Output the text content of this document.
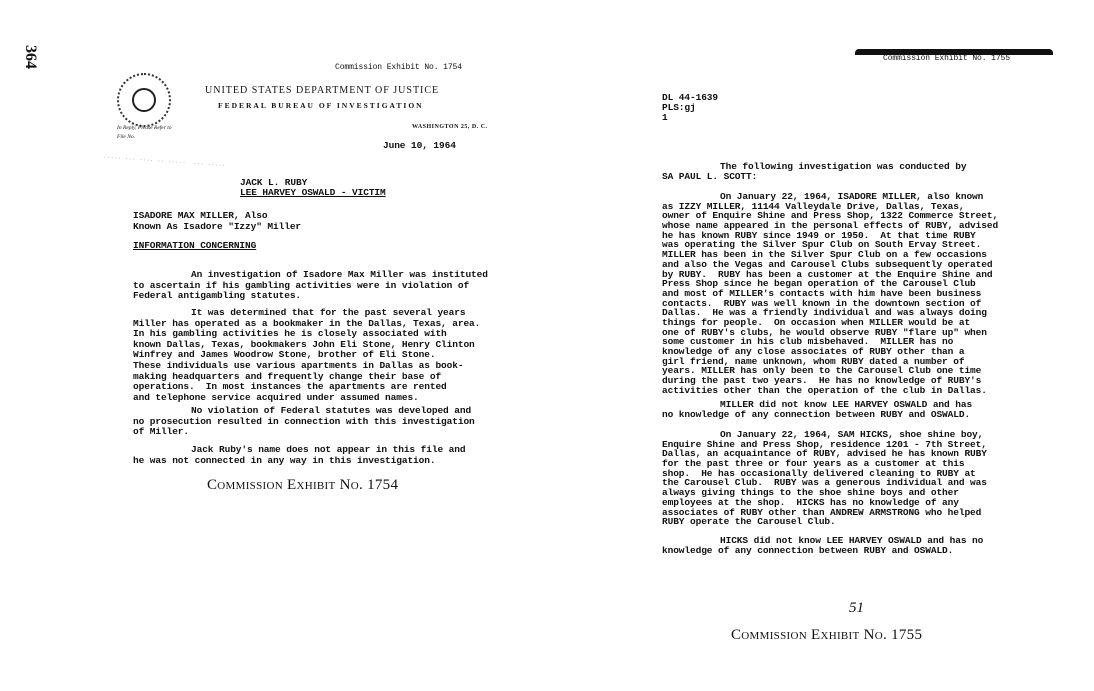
364	Commission Exhibit No. 1754
UNITED STATES DEPARTMENT OF JUSTICE
FEDERAL BUREAU OF INVESTIGATION
In Reply, Please Refer to
File No.
WASHINGTON 25, D. C.
June 10, 1964
····· ··· ···· ·· ·····  ··· ·····
JACK L. RUBY
LEE HARVEY OSWALD - VICTIM
ISADORE MAX MILLER, Also
Known As Isadore "Izzy" Miller
INFORMATION CONCERNING
An investigation of Isadore Max Miller was instituted
to ascertain if his gambling activities were in violation of
Federal antigambling statutes.
It was determined that for the past several years
Miller has operated as a bookmaker in the Dallas, Texas, area.
In his gambling activities he is closely associated with
known Dallas, Texas, bookmakers John Eli Stone, Henry Clinton
Winfrey and James Woodrow Stone, brother of Eli Stone.
These individuals use various apartments in Dallas as book-
making headquarters and frequently change their base of
operations.  In most instances the apartments are rented
and telephone service acquired under assumed names.
No violation of Federal statutes was developed and
no prosecution resulted in connection with this investigation
of Miller.
Jack Ruby's name does not appear in this file and
he was not connected in any way in this investigation.
Commission Exhibit No. 1754
Commission Exhibit No. 1755
DL 44-1639
PLS:gj
1
The following investigation was conducted by
SA PAUL L. SCOTT:
On January 22, 1964, ISADORE MILLER, also known
as IZZY MILLER, 11144 Valleydale Drive, Dallas, Texas,
owner of Enquire Shine and Press Shop, 1322 Commerce Street,
whose name appeared in the personal effects of RUBY, advised
he has known RUBY since 1949 or 1950.  At that time RUBY
was operating the Silver Spur Club on South Ervay Street.
MILLER has been in the Silver Spur Club on a few occasions
and also the Vegas and Carousel Clubs subsequently operated
by RUBY.  RUBY has been a customer at the Enquire Shine and
Press Shop since he began operation of the Carousel Club
and most of MILLER's contacts with him have been business
contacts.  RUBY was well known in the downtown section of
Dallas.  He was a friendly individual and was always doing
things for people.  On occasion when MILLER would be at
one of RUBY's clubs, he would observe RUBY "flare up" when
some customer in his club misbehaved.  MILLER has no
knowledge of any close associates of RUBY other than a
girl friend, name unknown, whom RUBY dated a number of
years. MILLER has only been to the Carousel Club one time
during the past two years.  He has no knowledge of RUBY's
activities other than the operation of the club in Dallas.
MILLER did not know LEE HARVEY OSWALD and has
no knowledge of any connection between RUBY and OSWALD.
On January 22, 1964, SAM HICKS, shoe shine boy,
Enquire Shine and Press Shop, residence 1201 - 7th Street,
Dallas, an acquaintance of RUBY, advised he has known RUBY
for the past three or four years as a customer at this
shop.  He has occasionally delivered cleaning to RUBY at
the Carousel Club.  RUBY was a generous individual and was
always giving things to the shoe shine boys and other
employees at the shop.  HICKS has no knowledge of any
associates of RUBY other than ANDREW ARMSTRONG who helped
RUBY operate the Carousel Club.
HICKS did not know LEE HARVEY OSWALD and has no
knowledge of any connection between RUBY and OSWALD.
51
Commission Exhibit No. 1755
